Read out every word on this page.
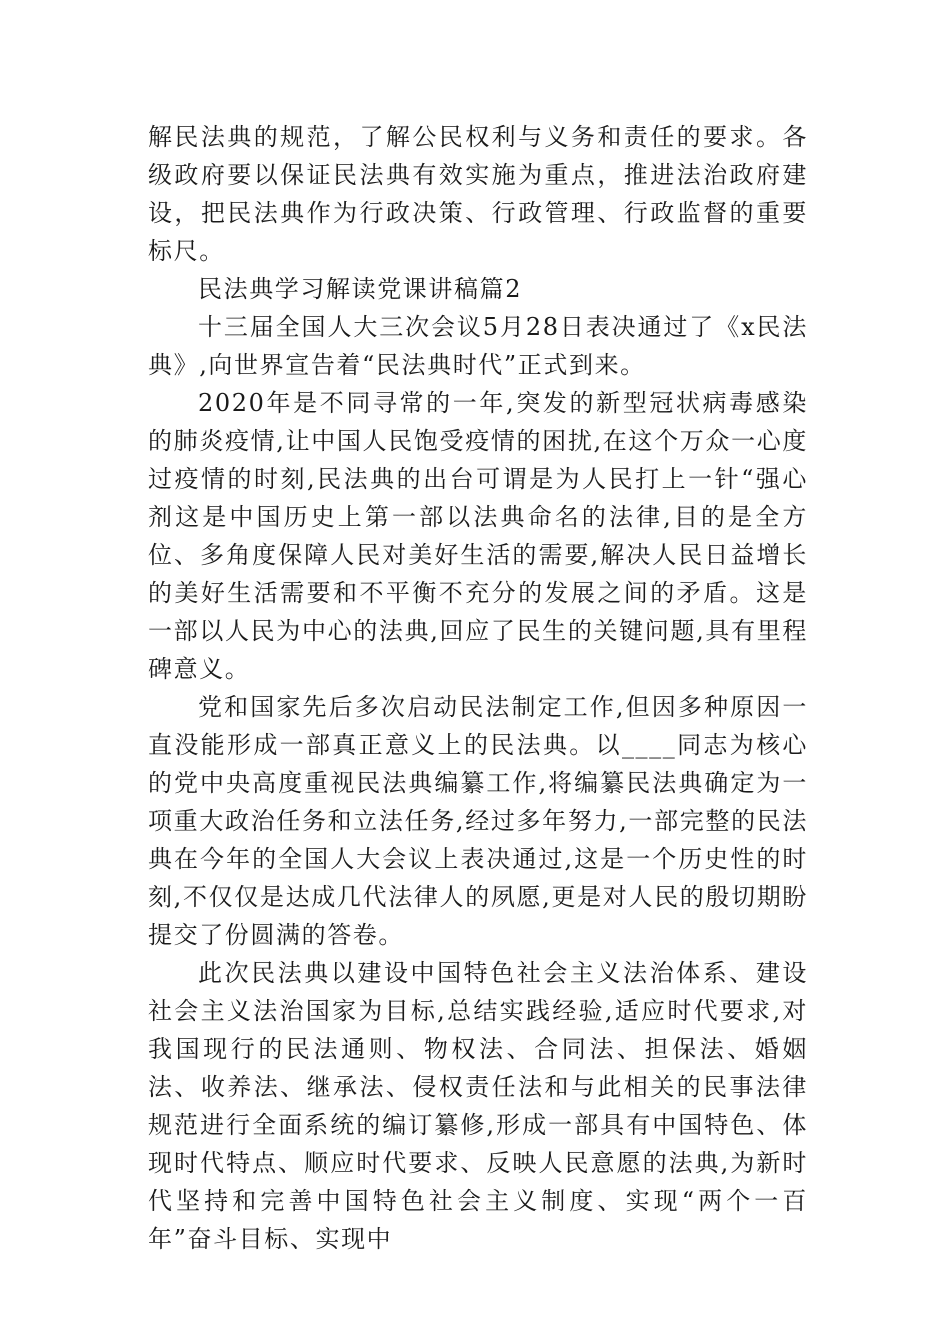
解民法典的规范，了解公民权利与义务和责任的要求。各级政府要以保证民法典有效实施为重点，推进法治政府建设，把民法典作为行政决策、行政管理、行政监督的重要标尺。

民法典学习解读党课讲稿篇2

十三届全国人大三次会议5月28日表决通过了《x民法典》,向世界宣告着“民法典时代”正式到来。

2020年是不同寻常的一年,突发的新型冠状病毒感染的肺炎疫情,让中国人民饱受疫情的困扰,在这个万众一心度过疫情的时刻,民法典的出台可谓是为人民打上一针“强心剂这是中国历史上第一部以法典命名的法律,目的是全方位、多角度保障人民对美好生活的需要,解决人民日益增长的美好生活需要和不平衡不充分的发展之间的矛盾。这是一部以人民为中心的法典,回应了民生的关键问题,具有里程碑意义。

党和国家先后多次启动民法制定工作,但因多种原因一直没能形成一部真正意义上的民法典。以____同志为核心的党中央高度重视民法典编纂工作,将编纂民法典确定为一项重大政治任务和立法任务,经过多年努力,一部完整的民法典在今年的全国人大会议上表决通过,这是一个历史性的时刻,不仅仅是达成几代法律人的夙愿,更是对人民的殷切期盼提交了份圆满的答卷。

此次民法典以建设中国特色社会主义法治体系、建设社会主义法治国家为目标,总结实践经验,适应时代要求,对我国现行的民法通则、物权法、合同法、担保法、婚姻法、收养法、继承法、侵权责任法和与此相关的民事法律规范进行全面系统的编订纂修,形成一部具有中国特色、体现时代特点、顺应时代要求、反映人民意愿的法典,为新时代坚持和完善中国特色社会主义制度、实现“两个一百年”奋斗目标、实现中
